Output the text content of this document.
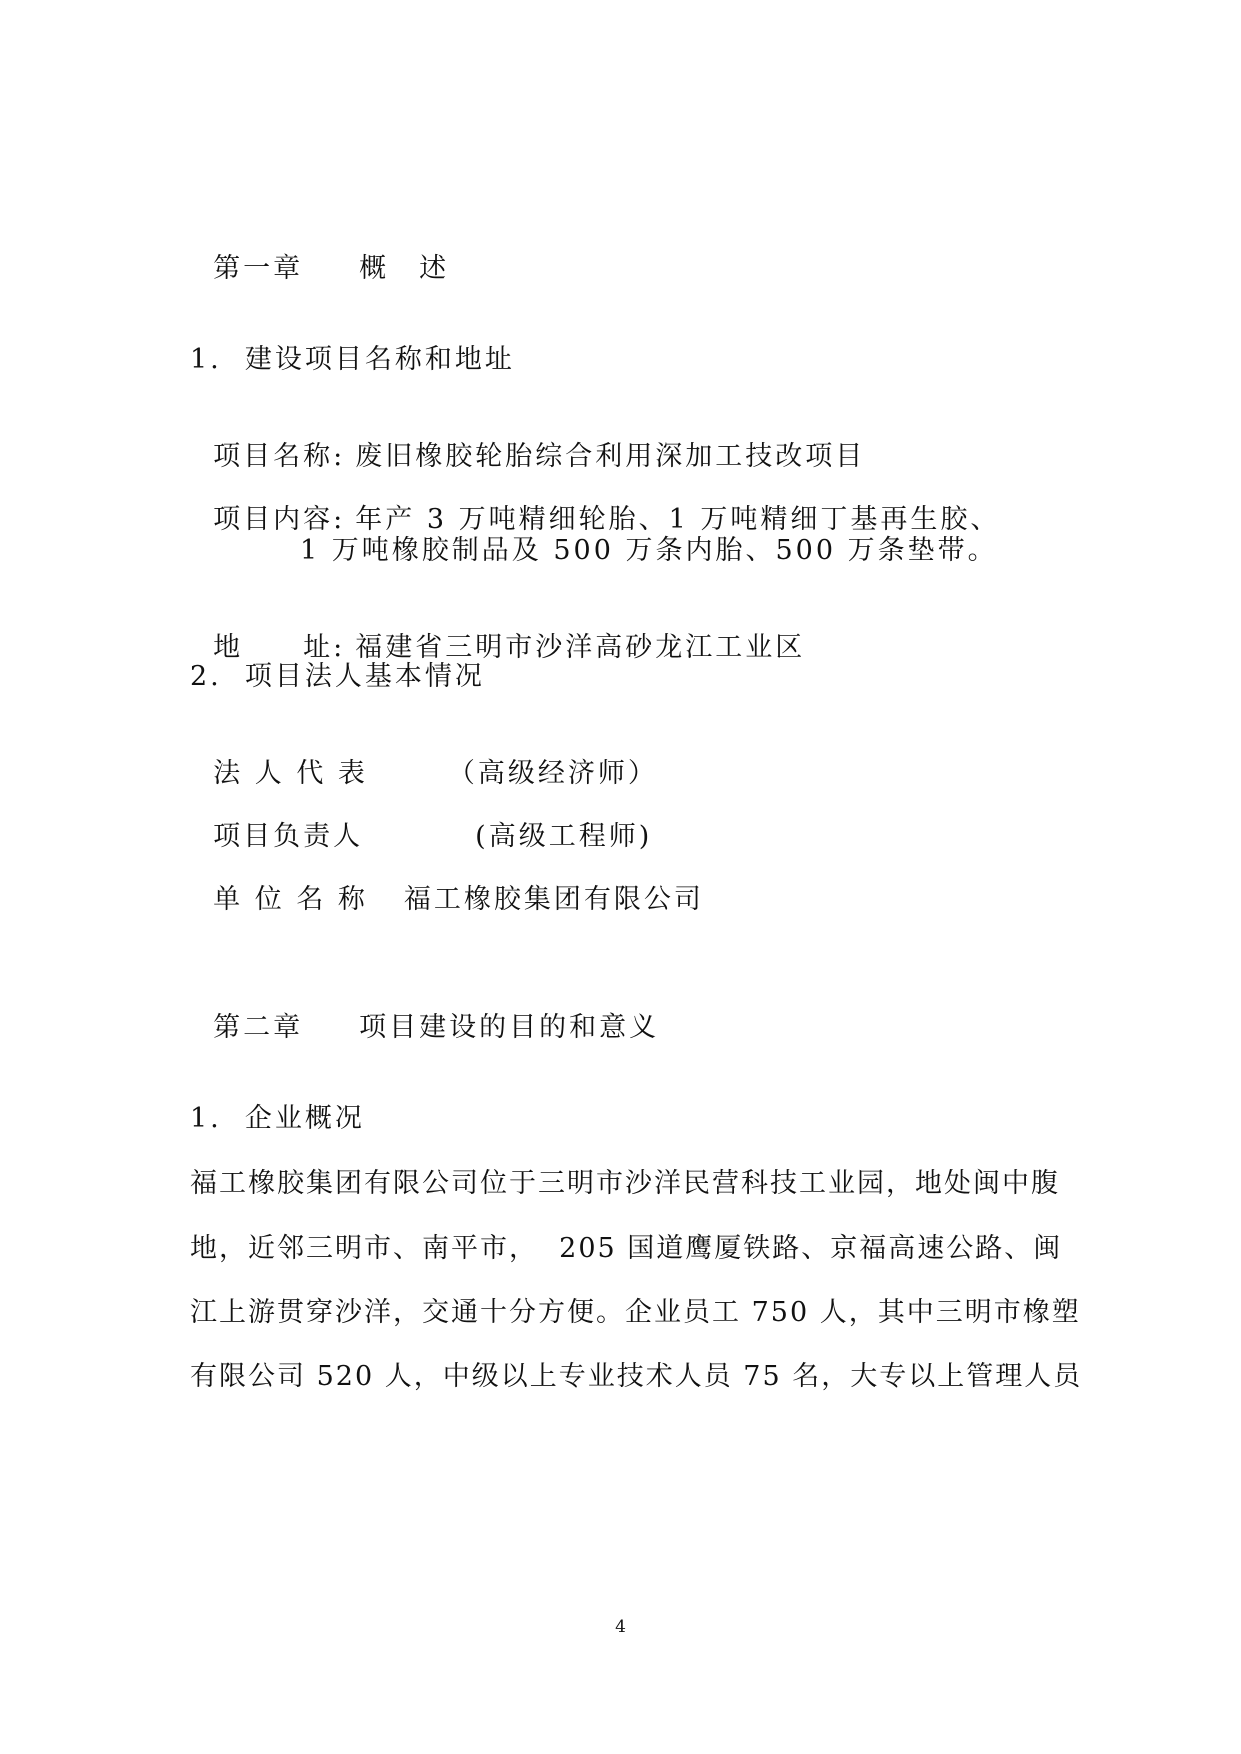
第一章 概　述

1.  建设项目名称和地址

项目名称: 废旧橡胶轮胎综合利用深加工技改项目

项目内容: 年产 3 万吨精细轮胎、1 万吨精细丁基再生胶、

1 万吨橡胶制品及 500 万条内胎、500 万条垫带。

地　　址: 福建省三明市沙洋高砂龙江工业区

2.  项目法人基本情况

法 人 代 表	（高级经济师）

项目负责人	(高级工程师)

单 位 名 称 福工橡胶集团有限公司

第二章 项目建设的目的和意义

1.  企业概况
福工橡胶集团有限公司位于三明市沙洋民营科技工业园，地处闽中腹
地，近邻三明市、南平市，  205 国道鹰厦铁路、京福高速公路、闽
江上游贯穿沙洋，交通十分方便。企业员工 750 人，其中三明市橡塑
有限公司 520 人，中级以上专业技术人员 75 名，大专以上管理人员
4
